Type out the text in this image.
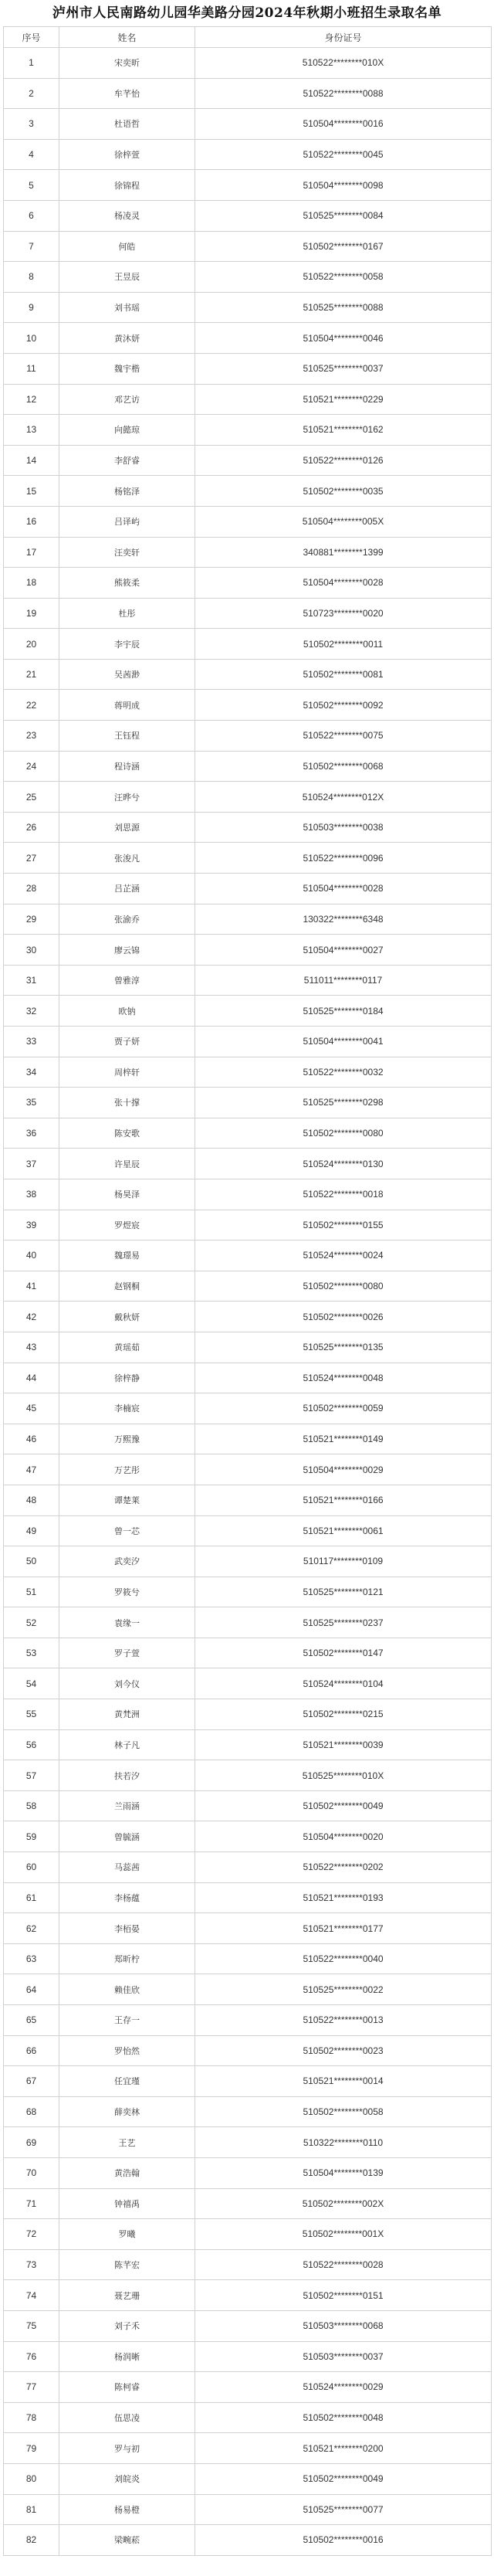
泸州市人民南路幼儿园华美路分园2024年秋期小班招生录取名单
序号	姓名	身份证号
1	宋奕昕	510522********010X
2	牟芊怡	510522********0088
3	杜语哲	510504********0016
4	徐梓萱	510522********0045
5	徐锦程	510504********0098
6	杨凌灵	510525********0084
7	何皓	510502********0167
8	王昱辰	510522********0058
9	刘书瑶	510525********0088
10	黄沐妍	510504********0046
11	魏宇楷	510525********0037
12	邓艺访	510521********0229
13	向懿琼	510521********0162
14	李舒睿	510522********0126
15	杨铭泽	510502********0035
16	吕译屿	510504********005X
17	汪奕轩	340881********1399
18	熊筱柔	510504********0028
19	杜彤	510723********0020
20	李宇辰	510502********0011
21	吴茜渺	510502********0081
22	蒋明成	510502********0092
23	王钰程	510522********0075
24	程诗涵	510502********0068
25	汪晔兮	510524********012X
26	刘思源	510503********0038
27	张浚凡	510522********0096
28	吕芷涵	510504********0028
29	张渝乔	130322********6348
30	廖云锦	510504********0027
31	曾雅淳	511011********0117
32	欧钠	510525********0184
33	贾子妍	510504********0041
34	周梓轩	510522********0032
35	张十撑	510525********0298
36	陈安歌	510502********0080
37	许星辰	510524********0130
38	杨昊泽	510522********0018
39	罗煜宸	510502********0155
40	魏璟易	510524********0024
41	赵钢桐	510502********0080
42	戴秋妍	510502********0026
43	黄瑶茹	510525********0135
44	徐梓静	510524********0048
45	李楠宸	510502********0059
46	万熙豫	510521********0149
47	万艺彤	510504********0029
48	谭楚莱	510521********0166
49	曾一芯	510521********0061
50	武奕汐	510117********0109
51	罗筱兮	510525********0121
52	袁缘一	510525********0237
53	罗子萱	510502********0147
54	刘今仪	510524********0104
55	黄梵洲	510502********0215
56	林子凡	510521********0039
57	扶若汐	510525********010X
58	兰雨涵	510502********0049
59	曾毓涵	510504********0020
60	马蕊茜	510522********0202
61	李杨蕴	510521********0193
62	李栢晏	510521********0177
63	郑昕柠	510522********0040
64	赖佳欣	510525********0022
65	王存一	510522********0013
66	罗怡然	510502********0023
67	任宜瑾	510521********0014
68	薛奕林	510502********0058
69	王艺	510322********0110
70	黄浩翰	510504********0139
71	钟禧禹	510502********002X
72	罗曦	510502********001X
73	陈芊宏	510522********0028
74	聂艺珊	510502********0151
75	刘子禾	510503********0068
76	杨润晰	510503********0037
77	陈柯睿	510524********0029
78	伍思凌	510502********0048
79	罗与初	510521********0200
80	刘皖炎	510502********0049
81	杨易橙	510525********0077
82	梁畹菘	510502********0016
